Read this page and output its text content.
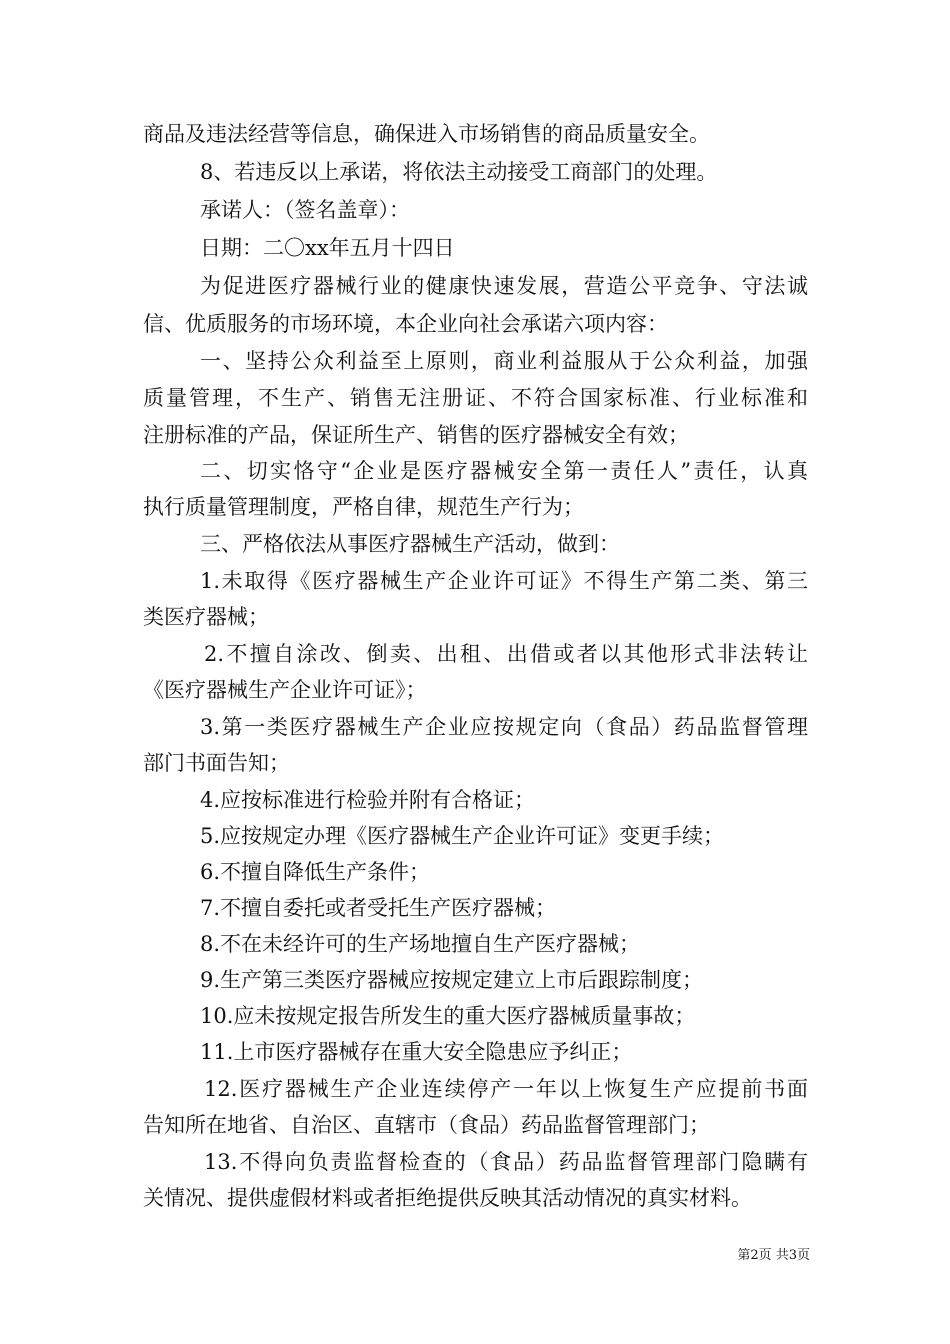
商品及违法经营等信息，确保进入市场销售的商品质量安全。
8、若违反以上承诺，将依法主动接受工商部门的处理。
承诺人：（签名盖章）：
日期：二〇xx年五月十四日
为促进医疗器械行业的健康快速发展，营造公平竞争、守法诚
信、优质服务的市场环境，本企业向社会承诺六项内容：
一、坚持公众利益至上原则，商业利益服从于公众利益，加强
质量管理，不生产、销售无注册证、不符合国家标准、行业标准和
注册标准的产品，保证所生产、销售的医疗器械安全有效；
二、切实恪守“企业是医疗器械安全第一责任人”责任，认真
执行质量管理制度，严格自律，规范生产行为；
三、严格依法从事医疗器械生产活动，做到：
1.未取得《医疗器械生产企业许可证》不得生产第二类、第三
类医疗器械；
2.不擅自涂改、倒卖、出租、出借或者以其他形式非法转让
《医疗器械生产企业许可证》；
3.第一类医疗器械生产企业应按规定向（食品）药品监督管理
部门书面告知；
4.应按标准进行检验并附有合格证；
5.应按规定办理《医疗器械生产企业许可证》变更手续；
6.不擅自降低生产条件；
7.不擅自委托或者受托生产医疗器械；
8.不在未经许可的生产场地擅自生产医疗器械；
9.生产第三类医疗器械应按规定建立上市后跟踪制度；
10.应未按规定报告所发生的重大医疗器械质量事故；
11.上市医疗器械存在重大安全隐患应予纠正；
12.医疗器械生产企业连续停产一年以上恢复生产应提前书面
告知所在地省、自治区、直辖市（食品）药品监督管理部门；
13.不得向负责监督检查的（食品）药品监督管理部门隐瞒有
关情况、提供虚假材料或者拒绝提供反映其活动情况的真实材料。
第2页 共3页
